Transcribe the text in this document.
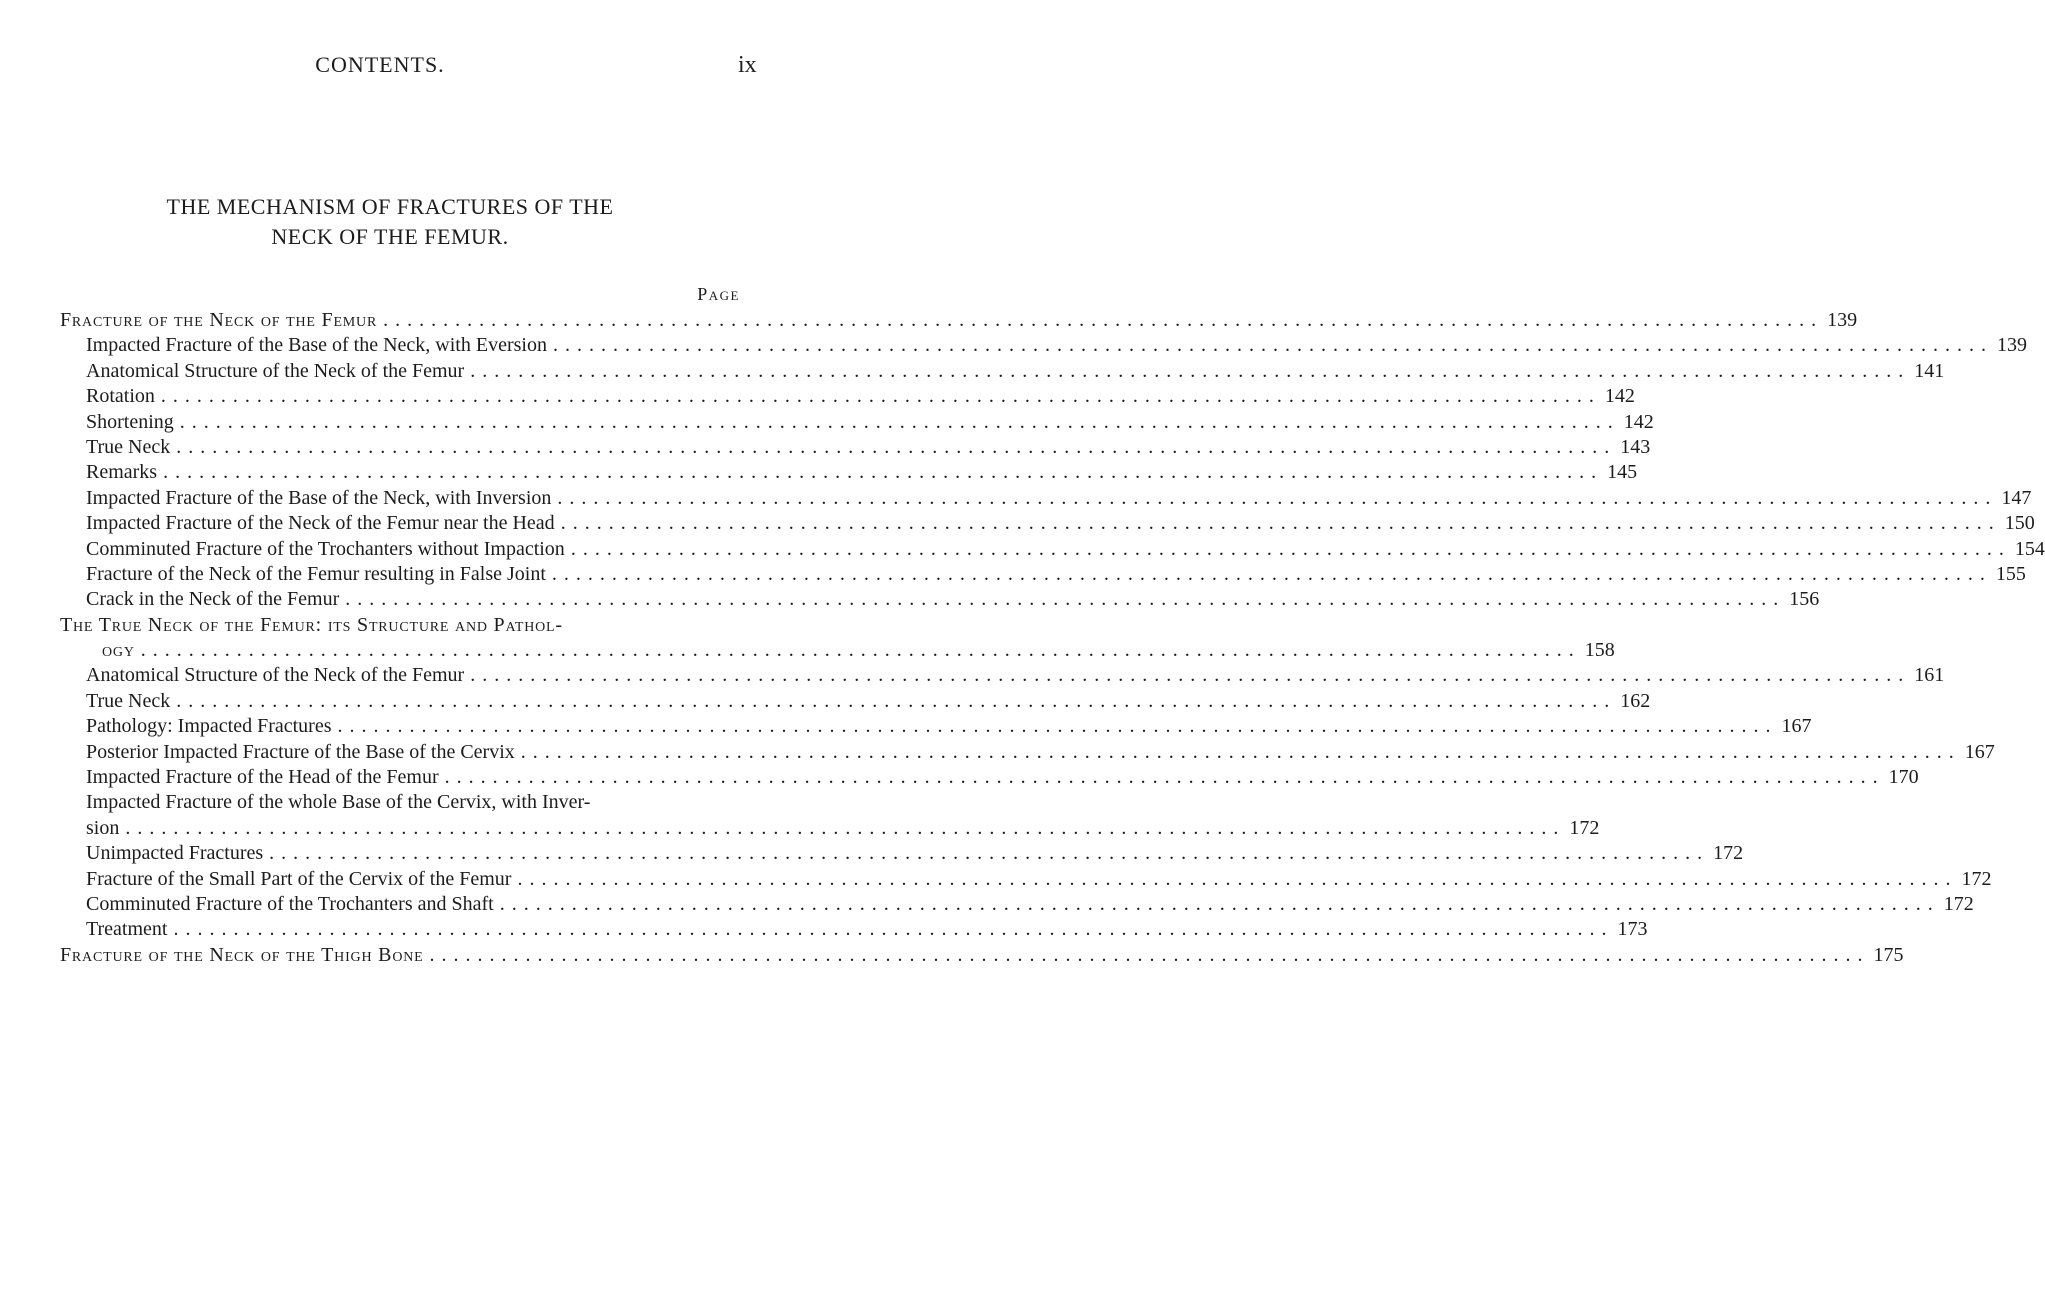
CONTENTS.	ix
THE MECHANISM OF FRACTURES OF THE
NECK OF THE FEMUR.
Page
Fracture of the Neck of the Femur ........................................................................................................................ 139
Impacted Fracture of the Base of the Neck, with Eversion ........................................................................................................................ 139
Anatomical Structure of the Neck of the Femur ........................................................................................................................ 141
Rotation ........................................................................................................................ 142
Shortening ........................................................................................................................ 142
True Neck ........................................................................................................................ 143
Remarks ........................................................................................................................ 145
Impacted Fracture of the Base of the Neck, with Inversion ........................................................................................................................ 147
Impacted Fracture of the Neck of the Femur near the Head ........................................................................................................................ 150
Comminuted Fracture of the Trochanters without Impaction ........................................................................................................................ 154
Fracture of the Neck of the Femur resulting in False Joint ........................................................................................................................ 155
Crack in the Neck of the Femur ........................................................................................................................ 156
The True Neck of the Femur: its Structure and Pathol-
ogy ........................................................................................................................ 158
Anatomical Structure of the Neck of the Femur ........................................................................................................................ 161
True Neck ........................................................................................................................ 162
Pathology: Impacted Fractures ........................................................................................................................ 167
Posterior Impacted Fracture of the Base of the Cervix ........................................................................................................................ 167
Impacted Fracture of the Head of the Femur ........................................................................................................................ 170
Impacted Fracture of the whole Base of the Cervix, with Inver-
sion ........................................................................................................................ 172
Unimpacted Fractures ........................................................................................................................ 172
Fracture of the Small Part of the Cervix of the Femur ........................................................................................................................ 172
Comminuted Fracture of the Trochanters and Shaft ........................................................................................................................ 172
Treatment ........................................................................................................................ 173
Fracture of the Neck of the Thigh Bone ........................................................................................................................ 175
